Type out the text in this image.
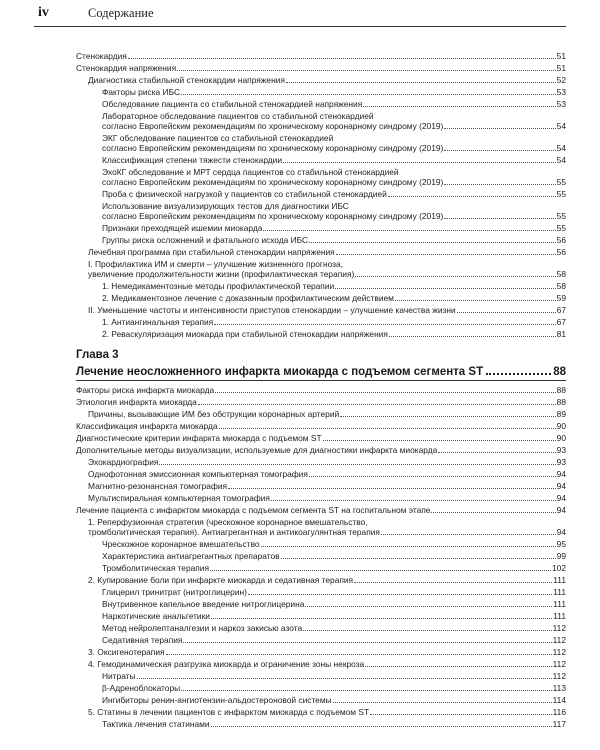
iv	Содержание
Стенокардия	51
Стенокардия напряжения	51
Диагностика стабильной стенокардии напряжения	52
Факторы риска ИБС	53
Обследование пациента со стабильной стенокардией напряжения	53
Лабораторное обследование пациентов со стабильной стенокардией
согласно Европейским рекомендациям по хроническому коронарному синдрому (2019)	54
ЭКГ обследование пациентов со стабильной стенокардией
согласно Европейским рекомендациям по хроническому коронарному синдрому (2019)	54
Классификация степени тяжести стенокардии	54
ЭхоКГ обследование и МРТ сердца пациентов со стабильной стенокардией
согласно Европейским рекомендациям по хроническому коронарному синдрому (2019)	55
Проба с физической нагрузкой у пациентов со стабильной стенокардией	55
Использование визуализирующих тестов для диагностики ИБС
согласно Европейским рекомендациям по хроническому коронарному синдрому (2019)	55
Признаки преходящей ишемии миокарда	55
Группы риска осложнений и фатального исхода ИБС	56
Лечебная программа при стабильной стенокардии напряжения	56
I. Профилактика ИМ и смерти – улучшение жизненного прогноза,
увеличение продолжительности жизни (профилактическая терапия)	58
1. Немедикаментозные методы профилактической терапии	58
2. Медикаментозное лечение с доказанным профилактическим действием	59
II. Уменьшение частоты и интенсивности приступов стенокардии – улучшение качества жизни	67
1. Антиангинальная терапия	67
2. Реваскуляризация миокарда при стабильной стенокардии напряжения	81
Глава 3
Лечение неосложненного инфаркта миокарда с подъемом сегмента ST	88
Факторы риска инфаркта миокарда	88
Этиология инфаркта миокарда	88
Причины, вызывающие ИМ без обструкции коронарных артерий	89
Классификация инфаркта миокарда	90
Диагностические критерии инфаркта миокарда с подъемом ST	90
Дополнительные методы визуализации, используемые для диагностики инфаркта миокарда	93
Эхокардиография	93
Однофотонная эмиссионная компьютерная томография	94
Магнитно-резонансная томография	94
Мультиспиральная компьютерная томография	94
Лечение пациента с инфарктом миокарда с подъемом сегмента ST на госпитальном этапе	94
1. Реперфузионная стратегия (чрескожное коронарное вмешательство,
тромболитическая терапия). Антиагрегантная и антикоагулянтная терапия	94
Чрескожное коронарное вмешательство	95
Характеристика антиагрегантных препаратов	99
Тромболитическая терапия	102
2. Купирование боли при инфаркте миокарда и седативная терапия	111
Глицерил тринитрат (нитроглицерин)	111
Внутривенное капельное введение нитроглицерина	111
Наркотические анальгетики	111
Метод нейролептаналгезии и наркоз закисью азота	112
Седативная терапия	112
3. Оксигенотерапия	112
4. Гемодинамическая разгрузка миокарда и ограничение зоны некроза	112
Нитраты	112
β-Адреноблокаторы	113
Ингибиторы ренин-ангиотензин-альдостероновой системы	114
5. Статины в лечении пациентов с инфарктом миокарда с подъемом ST	116
Тактика лечения статинами	117
